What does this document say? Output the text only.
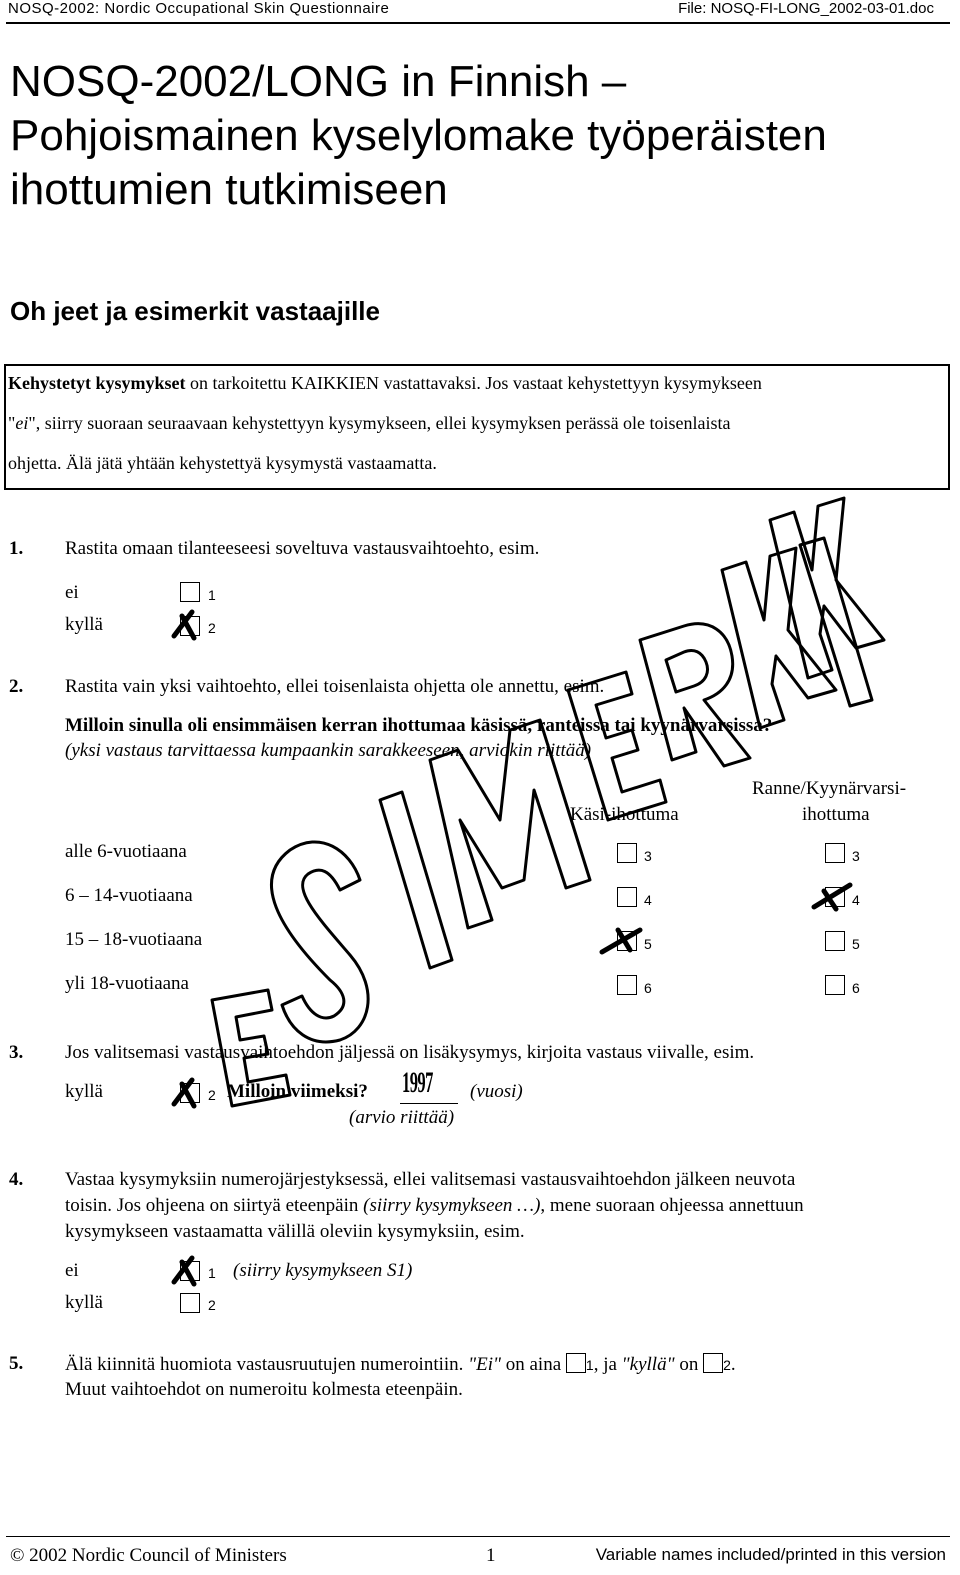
NOSQ-2002: Nordic Occupational Skin Questionnaire	File: NOSQ-FI-LONG_2002-03-01.doc
NOSQ-2002/LONG in Finnish –
Pohjoismainen kyselylomake työperäisten
ihottumien tutkimiseen
Oh jeet ja esimerkit vastaajille
Kehystetyt kysymykset on tarkoitettu KAIKKIEN vastattavaksi. Jos vastaat kehystettyyn kysymykseen
"ei", siirry suoraan seuraavaan kehystettyyn kysymykseen, ellei kysymyksen perässä ole toisenlaista
ohjetta. Älä jätä yhtään kehystettyä kysymystä vastaamatta.
1. Rastita omaan tilanteeseesi soveltuva vastausvaihtoehto, esim.
ei	1
kyllä	2
2. Rastita vain yksi vaihtoehto, ellei toisenlaista ohjetta ole annettu, esim.
Milloin sinulla oli ensimmäisen kerran ihottumaa käsissä, ranteissa tai kyynärvarsissa?
(yksi vastaus tarvittaessa kumpaankin sarakkeeseen, arviokin riittää)
Käsi-ihottuma
Ranne/Kyynärvarsi-
ihottuma
alle 6-vuotiaana	3	3
6 – 14-vuotiaana	4	4
15 – 18-vuotiaana	5	5
yli 18-vuotiaana	6	6
3. Jos valitsemasi vastausvaihtoehdon jäljessä on lisäkysymys, kirjoita vastaus viivalle, esim.
kyllä	2 Milloin viimeksi? 1997 (vuosi)
(arvio riittää)
4. Vastaa kysymyksiin numerojärjestyksessä, ellei valitsemasi vastausvaihtoehdon jälkeen neuvota
toisin. Jos ohjeena on siirtyä eteenpäin (siirry kysymykseen …), mene suoraan ohjeessa annettuun
kysymykseen vastaamatta välillä oleviin kysymyksiin, esim.
ei	1 (siirry kysymykseen S1)
kyllä	2
5. Älä kiinnitä huomiota vastausruutujen numerointiin. "Ei" on aina 1, ja "kyllä" on 2.
Muut vaihtoehdot on numeroitu kolmesta eteenpäin.
© 2002 Nordic Council of Ministers	1	Variable names included/printed in this version
